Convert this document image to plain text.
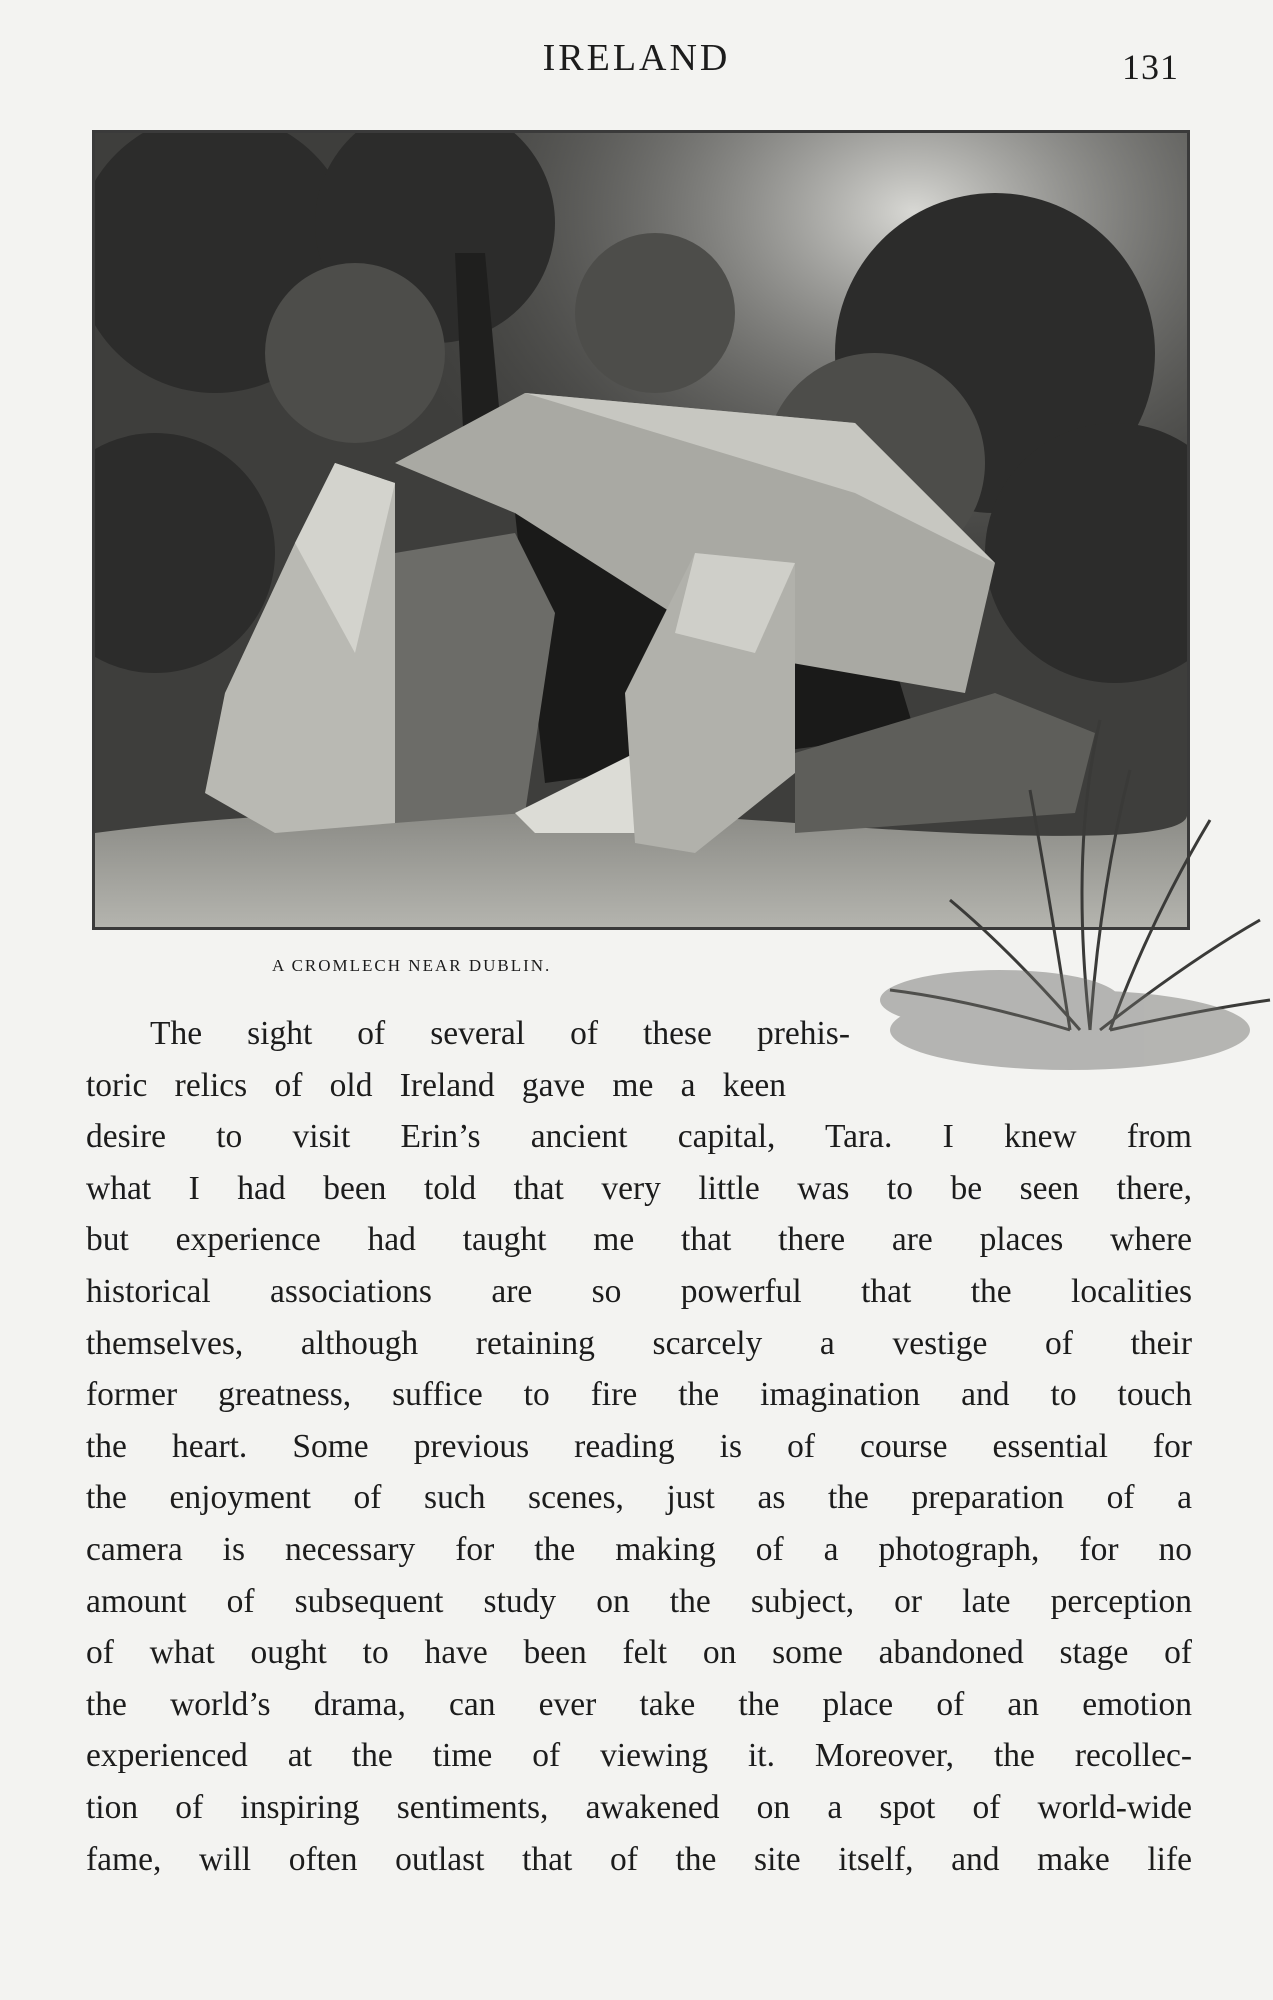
IRELAND	131
A CROMLECH NEAR DUBLIN.
The sight of several of these prehis-
toric relics of old Ireland gave me a keen
desire to visit Erin’s ancient capital, Tara. I knew from
what I had been told that very little was to be seen there,
but experience had taught me that there are places where
historical associations are so powerful that the localities
themselves, although retaining scarcely a vestige of their
former greatness, suffice to fire the imagination and to touch
the heart. Some previous reading is of course essential for
the enjoyment of such scenes, just as the preparation of a
camera is necessary for the making of a photograph, for no
amount of subsequent study on the subject, or late perception
of what ought to have been felt on some abandoned stage of
the world’s drama, can ever take the place of an emotion
experienced at the time of viewing it. Moreover, the recollec-
tion of inspiring sentiments, awakened on a spot of world-wide
fame, will often outlast that of the site itself, and make life
